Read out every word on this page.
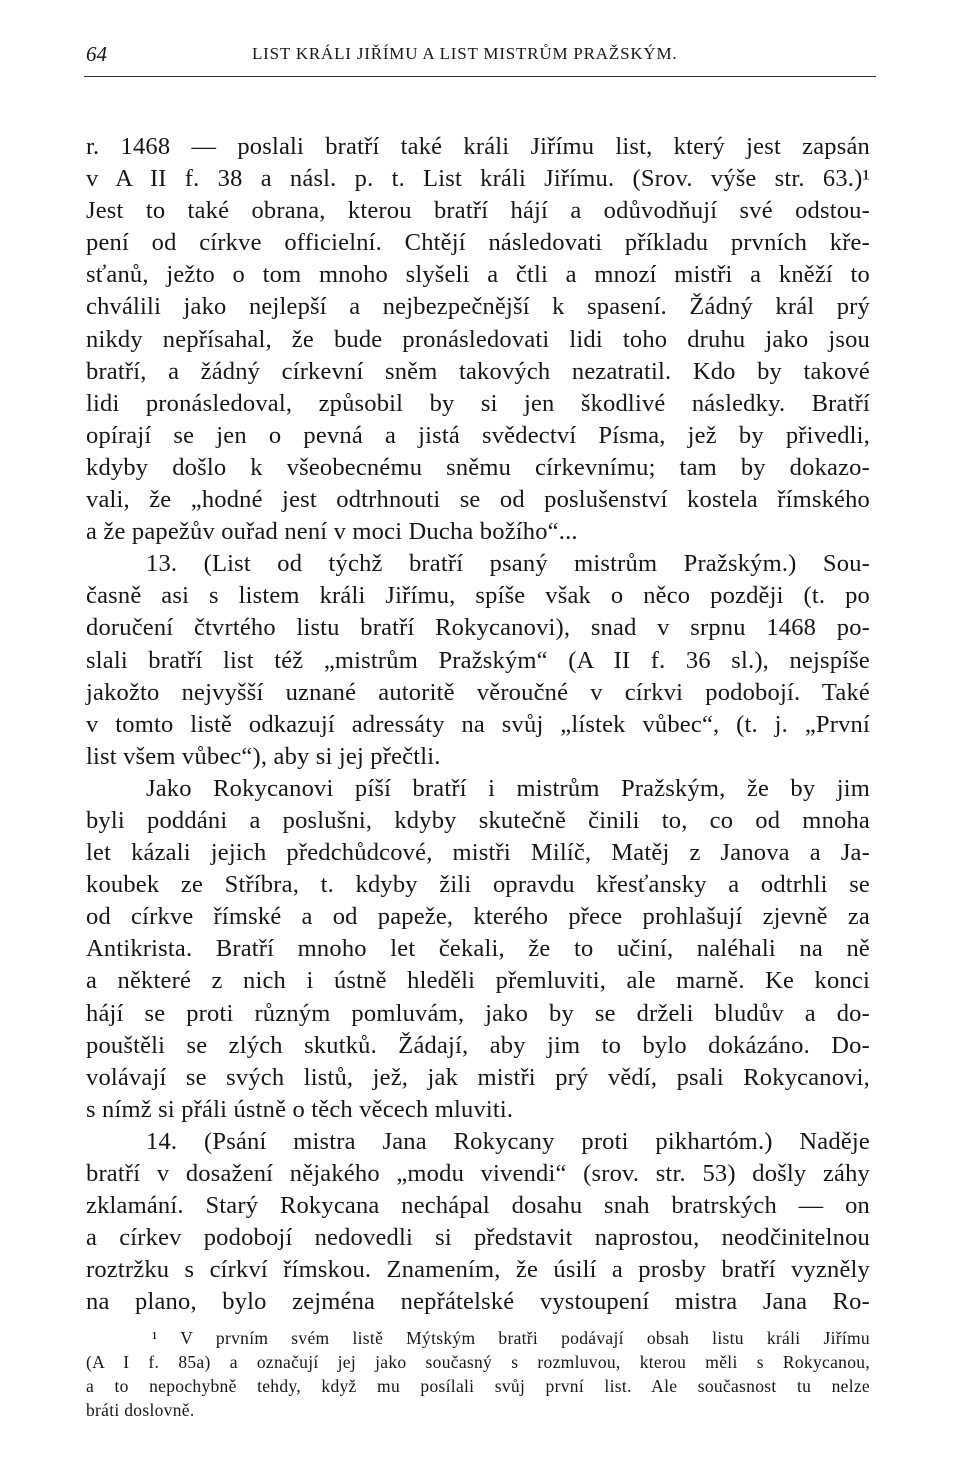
64	LIST KRÁLI JIŘÍMU A LIST MISTRŮM PRAŽSKÝM.
r. 1468 — poslali bratří také králi Jiřímu list, který jest zapsán
v A II f. 38 a násl. p. t. List králi Jiřímu. (Srov. výše str. 63.)¹
Jest to také obrana, kterou bratří hájí a odůvodňují své odstou-
pení od církve officielní. Chtějí následovati příkladu prvních kře-
sťanů, ježto o tom mnoho slyšeli a čtli a mnozí mistři a kněží to
chválili jako nejlepší a nejbezpečnější k spasení. Žádný král prý
nikdy nepřísahal, že bude pronásledovati lidi toho druhu jako jsou
bratří, a žádný církevní sněm takových nezatratil. Kdo by takové
lidi pronásledoval, způsobil by si jen škodlivé následky. Bratří
opírají se jen o pevná a jistá svědectví Písma, jež by přivedli,
kdyby došlo k všeobecnému sněmu církevnímu; tam by dokazo-
vali, že „hodné jest odtrhnouti se od poslušenství kostela římského
a že papežův ouřad není v moci Ducha božího“...
13. (List od týchž bratří psaný mistrům Pražským.) Sou-
časně asi s listem králi Jiřímu, spíše však o něco později (t. po
doručení čtvrtého listu bratří Rokycanovi), snad v srpnu 1468 po-
slali bratří list též „mistrům Pražským“ (A II f. 36 sl.), nejspíše
jakožto nejvyšší uznané autoritě věroučné v církvi podobojí. Také
v tomto listě odkazují adressáty na svůj „lístek vůbec“, (t. j. „První
list všem vůbec“), aby si jej přečtli.
Jako Rokycanovi píší bratří i mistrům Pražským, že by jim
byli poddáni a poslušni, kdyby skutečně činili to, co od mnoha
let kázali jejich předchůdcové, mistři Milíč, Matěj z Janova a Ja-
koubek ze Stříbra, t. kdyby žili opravdu křesťansky a odtrhli se
od církve římské a od papeže, kterého přece prohlašují zjevně za
Antikrista. Bratří mnoho let čekali, že to učiní, naléhali na ně
a některé z nich i ústně hleděli přemluviti, ale marně. Ke konci
hájí se proti různým pomluvám, jako by se drželi bludův a do-
pouštěli se zlých skutků. Žádají, aby jim to bylo dokázáno. Do-
volávají se svých listů, jež, jak mistři prý vědí, psali Rokycanovi,
s nímž si přáli ústně o těch věcech mluviti.
14. (Psání mistra Jana Rokycany proti pikhartóm.) Naděje
bratří v dosažení nějakého „modu vivendi“ (srov. str. 53) došly záhy
zklamání. Starý Rokycana nechápal dosahu snah bratrských — on
a církev podobojí nedovedli si představit naprostou, neodčinitelnou
roztržku s církví římskou. Znamením, že úsilí a prosby bratří vyzněly
na plano, bylo zejména nepřátelské vystoupení mistra Jana Ro-
¹ V prvním svém listě Mýtským bratři podávají obsah listu králi Jiřímu
(A I f. 85a) a označují jej jako současný s rozmluvou, kterou měli s Rokycanou,
a to nepochybně tehdy, když mu posílali svůj první list. Ale současnost tu nelze
bráti doslovně.
